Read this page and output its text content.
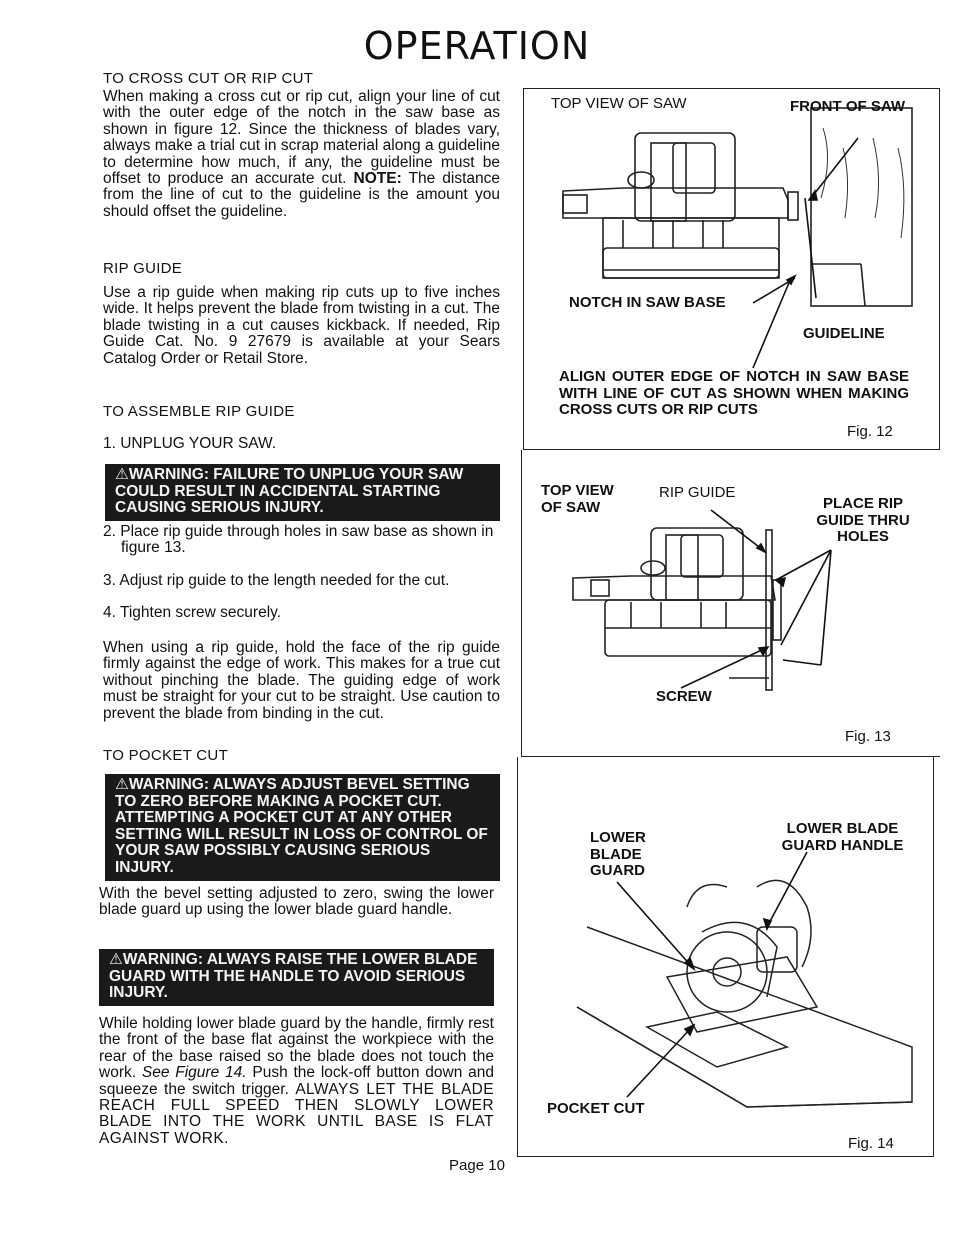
OPERATION
TO CROSS CUT OR RIP CUT
When making a cross cut or rip cut, align your line of cut with the outer edge of the notch in the saw base as shown in figure 12. Since the thickness of blades vary, always make a trial cut in scrap material along a guideline to determine how much, if any, the guideline must be offset to produce an accurate cut. NOTE: The distance from the line of cut to the guideline is the amount you should offset the guideline.
RIP GUIDE
Use a rip guide when making rip cuts up to five inches wide. It helps prevent the blade from twisting in a cut. The blade twisting in a cut causes kickback. If needed, Rip Guide Cat. No. 9 27679 is available at your Sears Catalog Order or Retail Store.
TO ASSEMBLE RIP GUIDE
1. UNPLUG YOUR SAW.
⚠WARNING: FAILURE TO UNPLUG YOUR SAW COULD RESULT IN ACCIDENTAL STARTING CAUSING SERIOUS INJURY.
2. Place rip guide through holes in saw base as shown in figure 13.
3. Adjust rip guide to the length needed for the cut.
4. Tighten screw securely.
When using a rip guide, hold the face of the rip guide firmly against the edge of work. This makes for a true cut without pinching the blade. The guiding edge of work must be straight for your cut to be straight. Use caution to prevent the blade from binding in the cut.
TO POCKET CUT
⚠WARNING: ALWAYS ADJUST BEVEL SETTING TO ZERO BEFORE MAKING A POCKET CUT. ATTEMPTING A POCKET CUT AT ANY OTHER SETTING WILL RESULT IN LOSS OF CONTROL OF YOUR SAW POSSIBLY CAUSING SERIOUS INJURY.
With the bevel setting adjusted to zero, swing the lower blade guard up using the lower blade guard handle.
⚠WARNING: ALWAYS RAISE THE LOWER BLADE GUARD WITH THE HANDLE TO AVOID SERIOUS INJURY.
While holding lower blade guard by the handle, firmly rest the front of the base flat against the workpiece with the rear of the base raised so the blade does not touch the work. See Figure 14. Push the lock-off button down and squeeze the switch trigger. ALWAYS LET THE BLADE REACH FULL SPEED THEN SLOWLY LOWER BLADE INTO THE WORK UNTIL BASE IS FLAT AGAINST WORK.
Page 10
TOP VIEW OF SAW	FRONT OF SAW
NOTCH IN SAW BASE
GUIDELINE
ALIGN OUTER EDGE OF NOTCH IN SAW BASE WITH LINE OF CUT AS SHOWN WHEN MAKING CROSS CUTS OR RIP CUTS
Fig. 12
TOP VIEW OF SAW
RIP GUIDE
PLACE RIP GUIDE THRU HOLES
SCREW
Fig. 13
LOWER BLADE GUARD
LOWER BLADE GUARD HANDLE
POCKET CUT
Fig. 14
